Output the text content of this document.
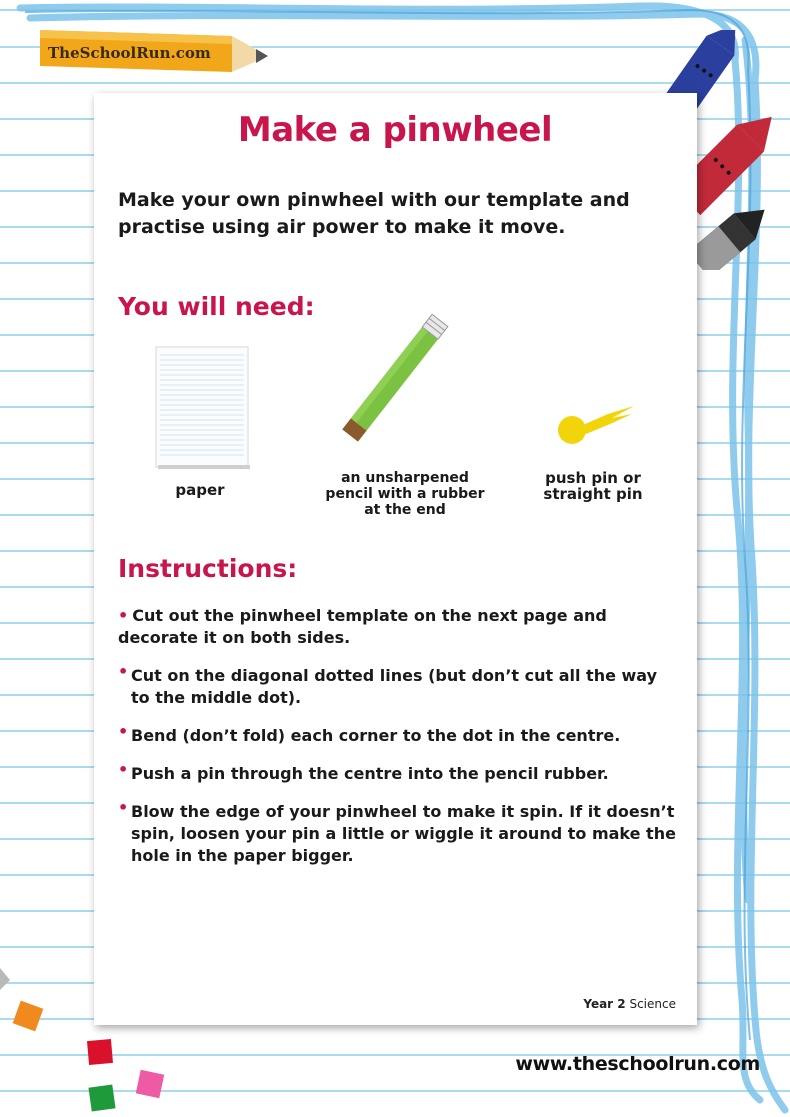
TheSchoolRun.com
Make a pinwheel

Make your own pinwheel with our template and practise using air power to make it move.

You will need:
paper
an unsharpened pencil with a rubber at the end
push pin or straight pin
Instructions:
• Cut out the pinwheel template on the next page and decorate it on both sides.
• Cut on the diagonal dotted lines (but don’t cut all the way to the middle dot).
• Bend (don’t fold) each corner to the dot in the centre.
• Push a pin through the centre into the pencil rubber.
• Blow the edge of your pinwheel to make it spin. If it doesn’t spin, loosen your pin a little or wiggle it around to make the hole in the paper bigger.
Year 2 Science
www.theschoolrun.com
